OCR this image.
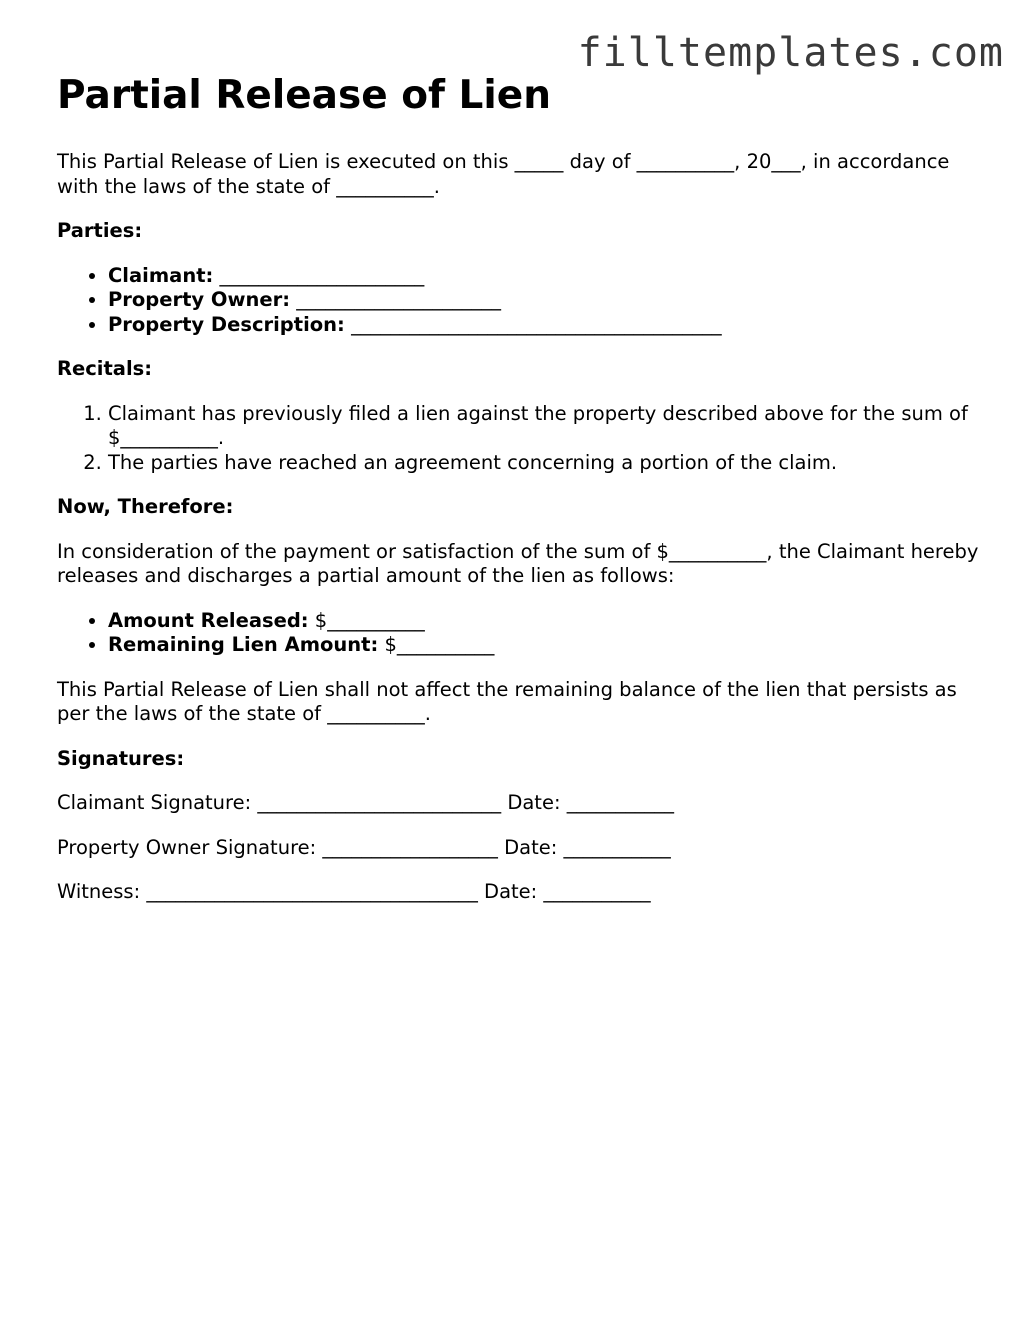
filltemplates.com
Partial Release of Lien

This Partial Release of Lien is executed on this _____ day of __________, 20___, in accordance with the laws of the state of __________.

Parties:
• Claimant: _____________________
• Property Owner: _____________________
• Property Description: ______________________________________
Recitals:
1. Claimant has previously filed a lien against the property described above for the sum of $__________.
2. The parties have reached an agreement concerning a portion of the claim.
Now, Therefore:

In consideration of the payment or satisfaction of the sum of $__________, the Claimant hereby releases and discharges a partial amount of the lien as follows:

• Amount Released: $__________
• Remaining Lien Amount: $__________

This Partial Release of Lien shall not affect the remaining balance of the lien that persists as per the laws of the state of __________.

Signatures:

Claimant Signature: _________________________ Date: ___________

Property Owner Signature: __________________ Date: ___________

Witness: __________________________________ Date: ___________
